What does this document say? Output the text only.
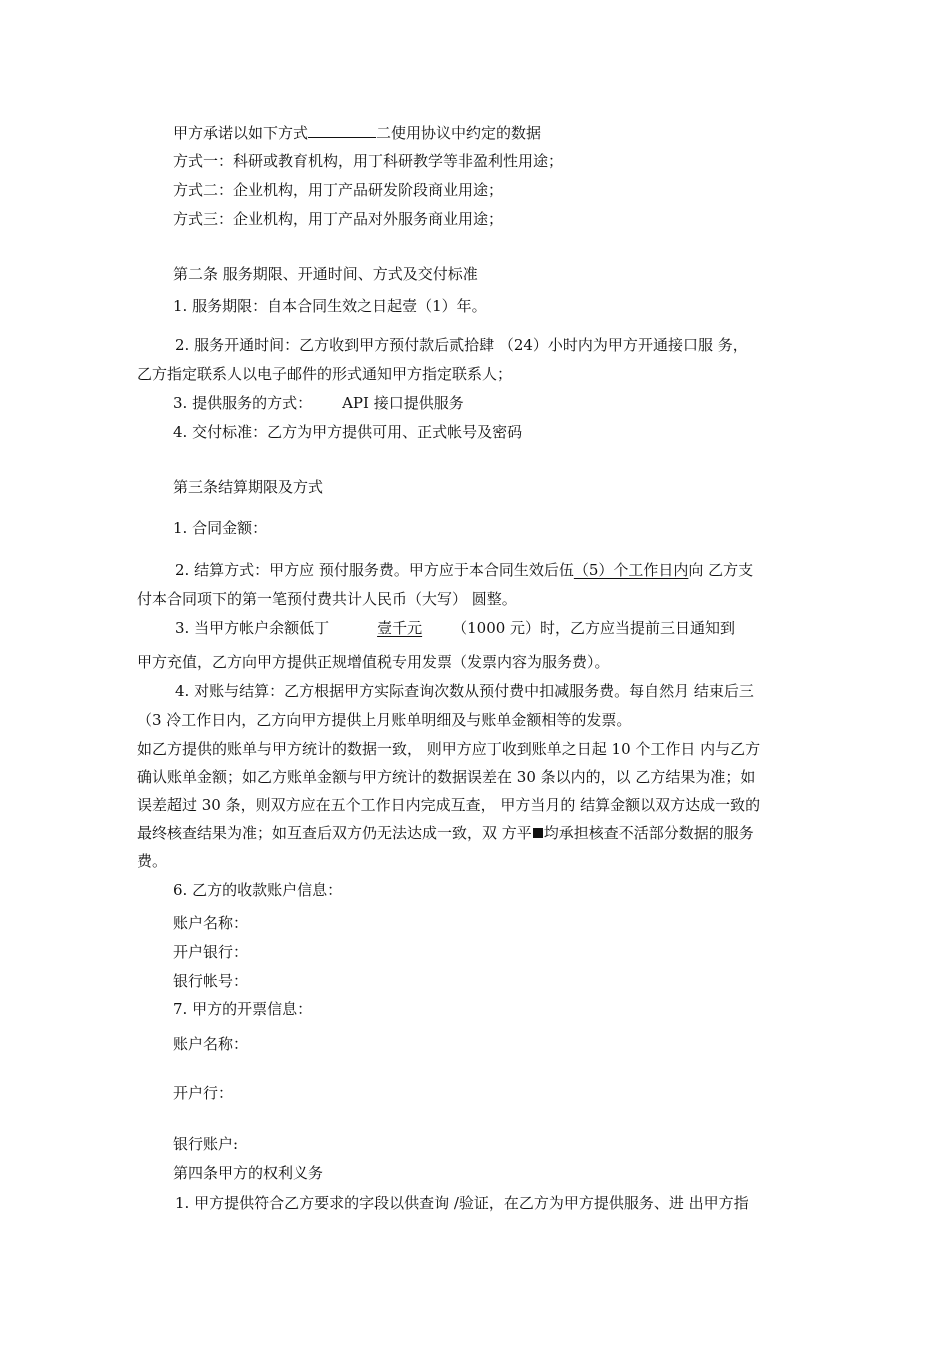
甲方承诺以如下方式	二使用协议中约定的数据

方式一：科研或教育机构，用丁科研教学等非盈利性用途；

方式二：企业机构，用丁产品研发阶段商业用途；

方式三：企业机构，用丁产品对外服务商业用途；

第二条 服务期限、开通时间、方式及交付标准

1. 服务期限：自本合同生效之日起壹（1）年。

2. 服务开通时间：乙方收到甲方预付款后贰拾肆 （24）小时内为甲方开通接口服 务，

乙方指定联系人以电子邮件的形式通知甲方指定联系人；

3. 提供服务的方式： API 接口提供服务

4. 交付标准：乙方为甲方提供可用、正式帐号及密码

第三条结算期限及方式

1. 合同金额：

2. 结算方式：甲方应 预付服务费。甲方应于本合同生效后伍（5）个工作日内向 乙方支

付本合同项下的第一笔预付费共计人民币（大写） 圆整。

3. 当甲方帐户余额低丁	壹千元 （1000 元）时，乙方应当提前三日通知到

甲方充值，乙方向甲方提供正规增值税专用发票（发票内容为服务费）。

4. 对账与结算：乙方根据甲方实际查询次数从预付费中扣减服务费。每自然月 结束后三

（3 冷工作日内，乙方向甲方提供上月账单明细及与账单金额相等的发票。

如乙方提供的账单与甲方统计的数据一致， 则甲方应丁收到账单之日起 10 个工作日 内与乙方

确认账单金额；如乙方账单金额与甲方统计的数据误差在 30 条以内的，以 乙方结果为准；如

误差超过 30 条，则双方应在五个工作日内完成互查， 甲方当月的 结算金额以双方达成一致的

最终核查结果为准；如互查后双方仍无法达成一致，双 方平 均承担核查不活部分数据的服务

费。

6. 乙方的收款账户信息：

账户名称：

开户银行：

银行帐号：

7. 甲方的开票信息：

账户名称：

开户行：

银行账户:

第四条甲方的权利义务

1. 甲方提供符合乙方要求的字段以供查询 /验证，在乙方为甲方提供服务、进 出甲方指
